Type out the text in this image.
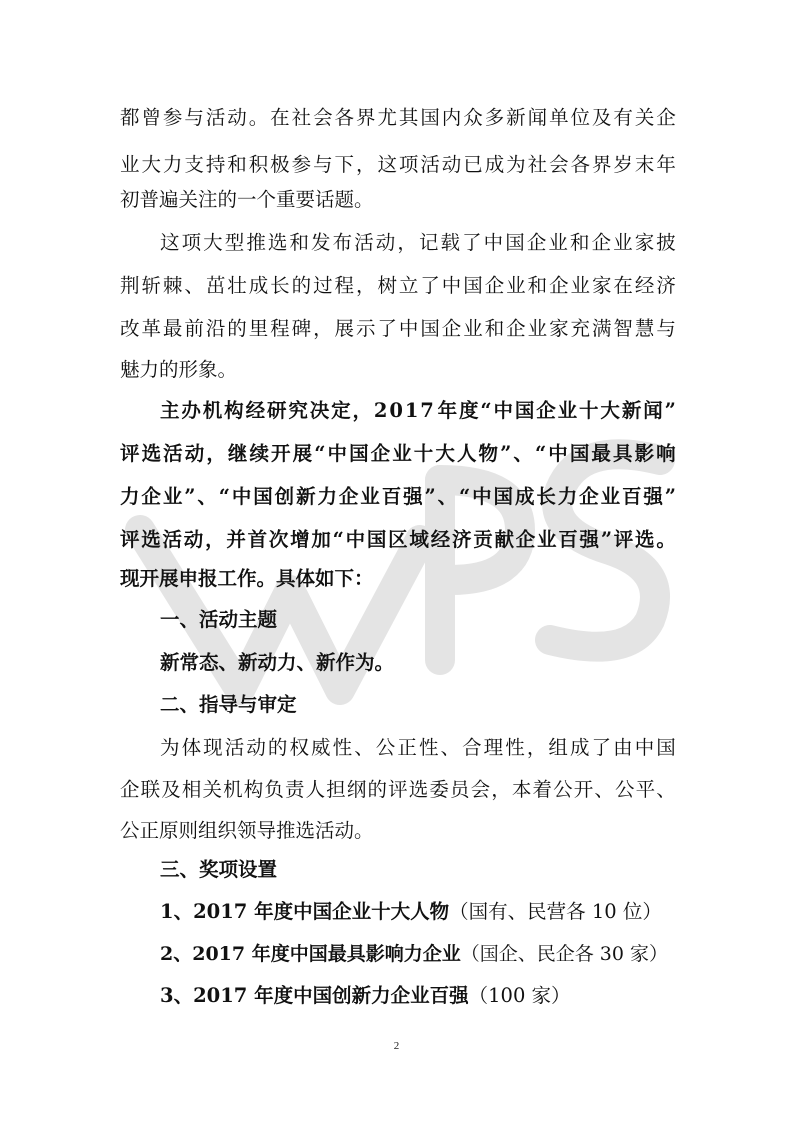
都 曾 参 与 活 动 。 在 社 会 各 界 尤 其 国 内 众 多 新 闻 单 位 及 有 关 企
业 大 力 支 持 和 积 极 参 与 下 ， 这 项 活 动 已 成 为 社 会 各 界 岁 末 年
初普遍关注的一个重要话题。
这 项 大 型 推 选 和 发 布 活 动 ， 记 载 了 中 国 企 业 和 企 业 家 披
荆 斩 棘 、 茁 壮 成 长 的 过 程 ， 树 立 了 中 国 企 业 和 企 业 家 在 经 济
改 革 最 前 沿 的 里 程 碑 ， 展 示 了 中 国 企 业 和 企 业 家 充 满 智 慧 与
魅力的形象。
主 办 机 构 经 研 究 决 定 ， 2 0 1 7 年 度 “ 中 国 企 业 十 大 新 闻 ”
评 选 活 动 ， 继 续 开 展 “ 中 国 企 业 十 大 人 物 ” 、 “ 中 国 最 具 影 响
力 企 业 ” 、 “ 中 国 创 新 力 企 业 百 强 ” 、 “ 中 国 成 长 力 企 业 百 强 ”
评 选 活 动 ， 并 首 次 增 加 “ 中 国 区 域 经 济 贡 献 企 业 百 强 ” 评 选 。
现开展申报工作。具体如下：
一、活动主题
新常态、新动力、新作为。
二、指导与审定
为 体 现 活 动 的 权 威 性 、 公 正 性 、 合 理 性 ， 组 成 了 由 中 国
企 联 及 相 关 机 构 负 责 人 担 纲 的 评 选 委 员 会 ， 本 着 公 开 、 公 平 、
公正原则组织领导推选活动。
三、奖项设置
1、2017 年度中国企业十大人物（国有、民营各 10 位）
2、2017 年度中国最具影响力企业（国企、民企各 30 家）
3、2017 年度中国创新力企业百强（100 家）
2
